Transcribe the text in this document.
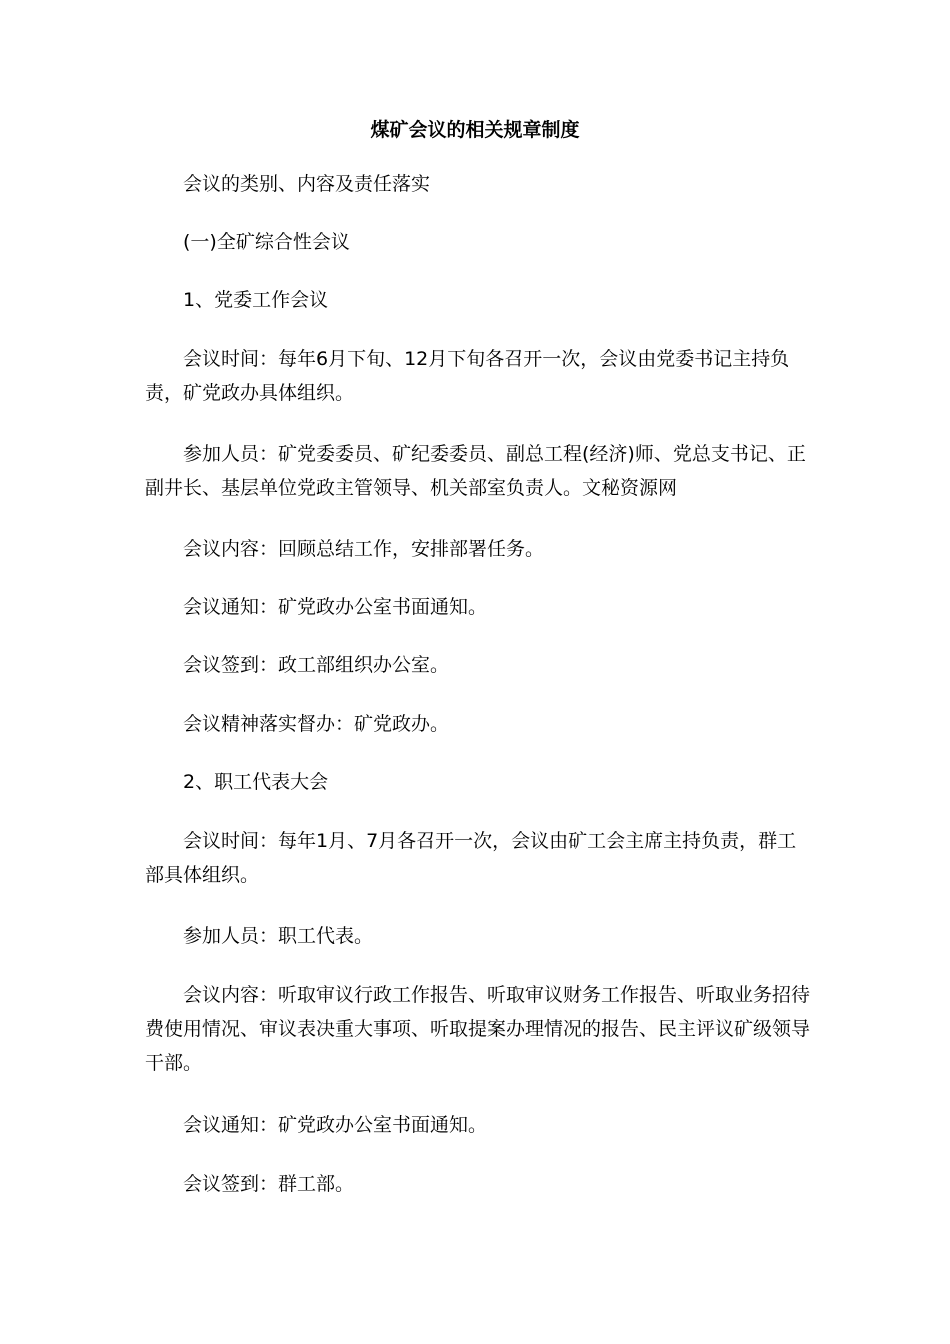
煤矿会议的相关规章制度

会议的类别、内容及责任落实

(一)全矿综合性会议

1、党委工作会议

会议时间：每年6月下旬、12月下旬各召开一次，会议由党委书记主持负责，矿党政办具体组织。

参加人员：矿党委委员、矿纪委委员、副总工程(经济)师、党总支书记、正副井长、基层单位党政主管领导、机关部室负责人。文秘资源网

会议内容：回顾总结工作，安排部署任务。

会议通知：矿党政办公室书面通知。

会议签到：政工部组织办公室。

会议精神落实督办：矿党政办。

2、职工代表大会

会议时间：每年1月、7月各召开一次，会议由矿工会主席主持负责，群工部具体组织。

参加人员：职工代表。

会议内容：听取审议行政工作报告、听取审议财务工作报告、听取业务招待费使用情况、审议表决重大事项、听取提案办理情况的报告、民主评议矿级领导干部。

会议通知：矿党政办公室书面通知。

会议签到：群工部。
